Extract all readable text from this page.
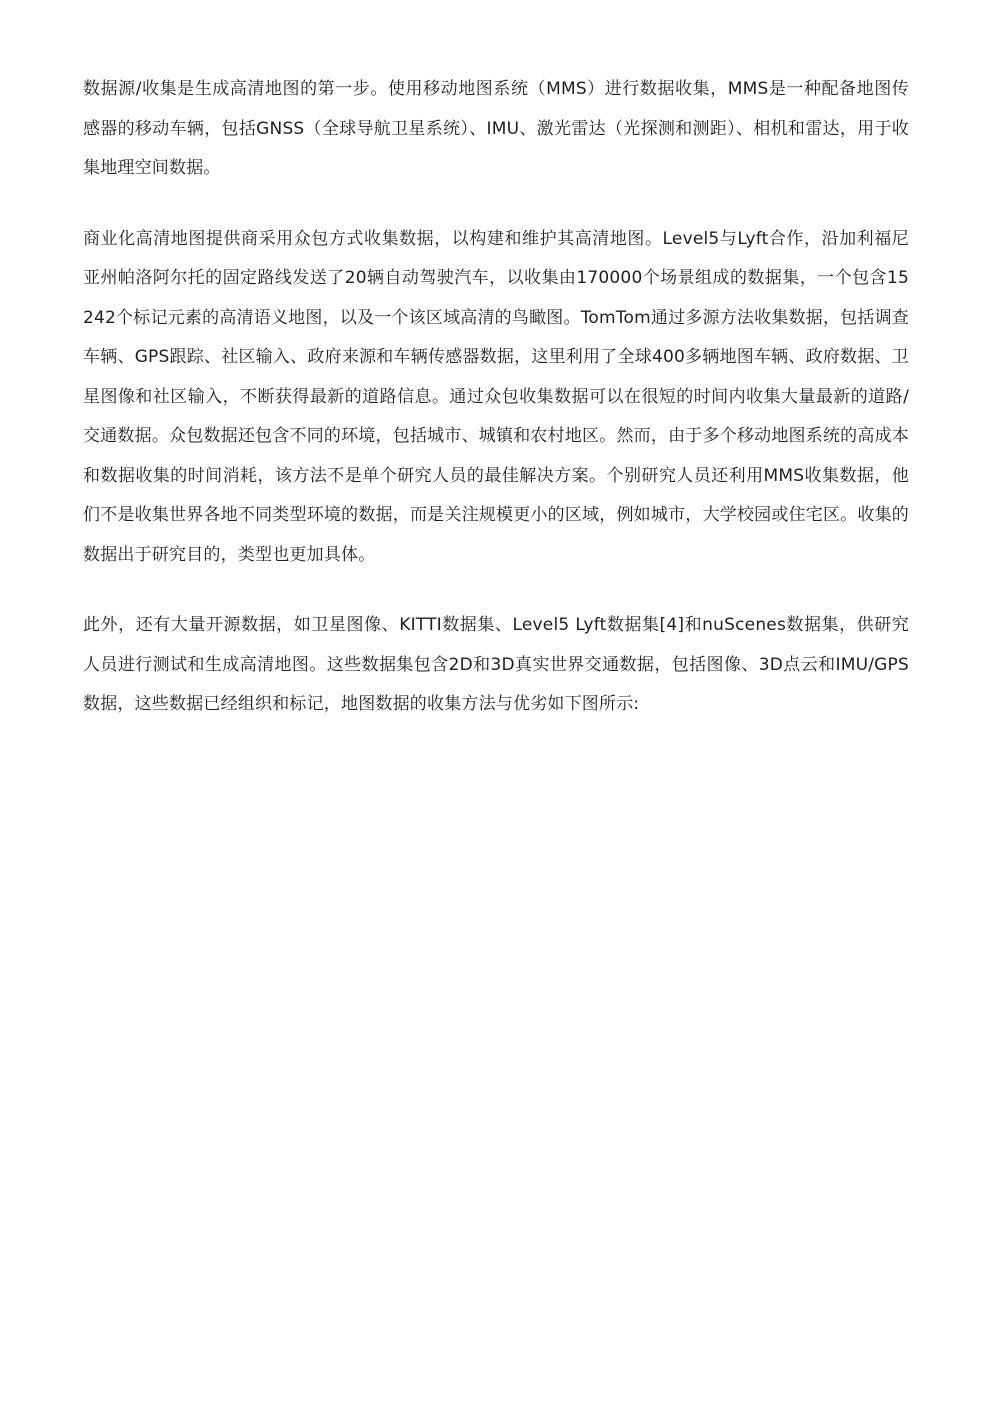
数据源/收集是生成高清地图的第一步。使用移动地图系统（MMS）进行数据收集，MMS是一种配备地图传感器的移动车辆，包括GNSS（全球导航卫星系统）、IMU、激光雷达（光探测和测距）、相机和雷达，用于收集地理空间数据。

商业化高清地图提供商采用众包方式收集数据，以构建和维护其高清地图。Level5与Lyft合作，沿加利福尼亚州帕洛阿尔托的固定路线发送了20辆自动驾驶汽车，以收集由170000个场景组成的数据集，一个包含15242个标记元素的高清语义地图，以及一个该区域高清的鸟瞰图。TomTom通过多源方法收集数据，包括调查车辆、GPS跟踪、社区输入、政府来源和车辆传感器数据，这里利用了全球400多辆地图车辆、政府数据、卫星图像和社区输入，不断获得最新的道路信息。通过众包收集数据可以在很短的时间内收集大量最新的道路/交通数据。众包数据还包含不同的环境，包括城市、城镇和农村地区。然而，由于多个移动地图系统的高成本和数据收集的时间消耗，该方法不是单个研究人员的最佳解决方案。个别研究人员还利用MMS收集数据，他们不是收集世界各地不同类型环境的数据，而是关注规模更小的区域，例如城市，大学校园或住宅区。收集的数据出于研究目的，类型也更加具体。

此外，还有大量开源数据，如卫星图像、KITTI数据集、Level5 Lyft数据集[4]和nuScenes数据集，供研究人员进行测试和生成高清地图。这些数据集包含2D和3D真实世界交通数据，包括图像、3D点云和IMU/GPS数据，这些数据已经组织和标记，地图数据的收集方法与优劣如下图所示:
